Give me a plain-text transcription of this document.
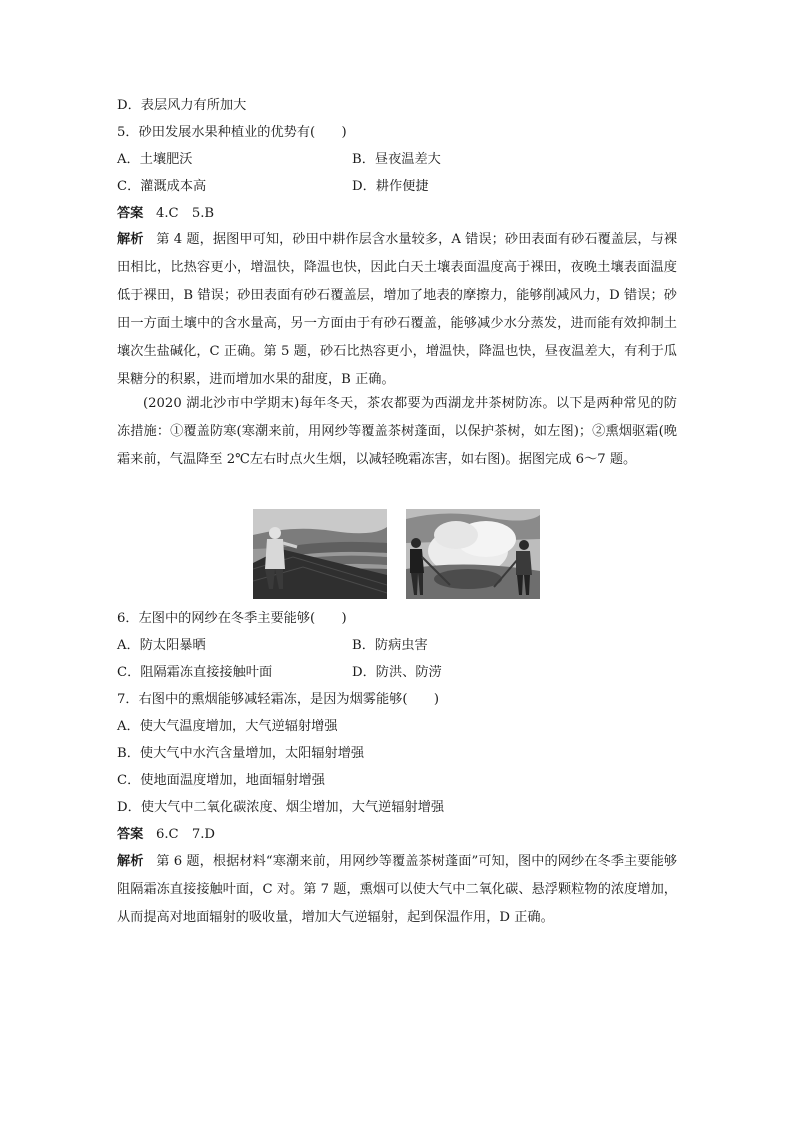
D．表层风力有所加大
5．砂田发展水果种植业的优势有(　　)
A．土壤肥沃	B．昼夜温差大
C．灌溉成本高	D．耕作便捷
答案 4.C　5.B
解析 第 4 题，据图甲可知，砂田中耕作层含水量较多，A 错误；砂田表面有砂石覆盖层，与裸田相比，比热容更小，增温快，降温也快，因此白天土壤表面温度高于裸田，夜晚土壤表面温度低于裸田，B 错误；砂田表面有砂石覆盖层，增加了地表的摩擦力，能够削减风力，D 错误；砂田一方面土壤中的含水量高，另一方面由于有砂石覆盖，能够减少水分蒸发，进而能有效抑制土壤次生盐碱化，C 正确。第 5 题，砂石比热容更小，增温快，降温也快，昼夜温差大，有利于瓜果糖分的积累，进而增加水果的甜度，B 正确。
(2020 湖北沙市中学期末)每年冬天，茶农都要为西湖龙井茶树防冻。以下是两种常见的防冻措施：①覆盖防寒(寒潮来前，用网纱等覆盖茶树蓬面，以保护茶树，如左图)；②熏烟驱霜(晚霜来前，气温降至 2℃左右时点火生烟，以减轻晚霜冻害，如右图)。据图完成 6～7 题。
6．左图中的网纱在冬季主要能够(　　)
A．防太阳暴晒	B．防病虫害
C．阻隔霜冻直接接触叶面	D．防洪、防涝
7．右图中的熏烟能够减轻霜冻，是因为烟雾能够(　　)
A．使大气温度增加，大气逆辐射增强
B．使大气中水汽含量增加，太阳辐射增强
C．使地面温度增加，地面辐射增强
D．使大气中二氧化碳浓度、烟尘增加，大气逆辐射增强
答案 6.C　7.D
解析 第 6 题，根据材料“寒潮来前，用网纱等覆盖茶树蓬面”可知，图中的网纱在冬季主要能够阻隔霜冻直接接触叶面，C 对。第 7 题，熏烟可以使大气中二氧化碳、悬浮颗粒物的浓度增加，从而提高对地面辐射的吸收量，增加大气逆辐射，起到保温作用，D 正确。
